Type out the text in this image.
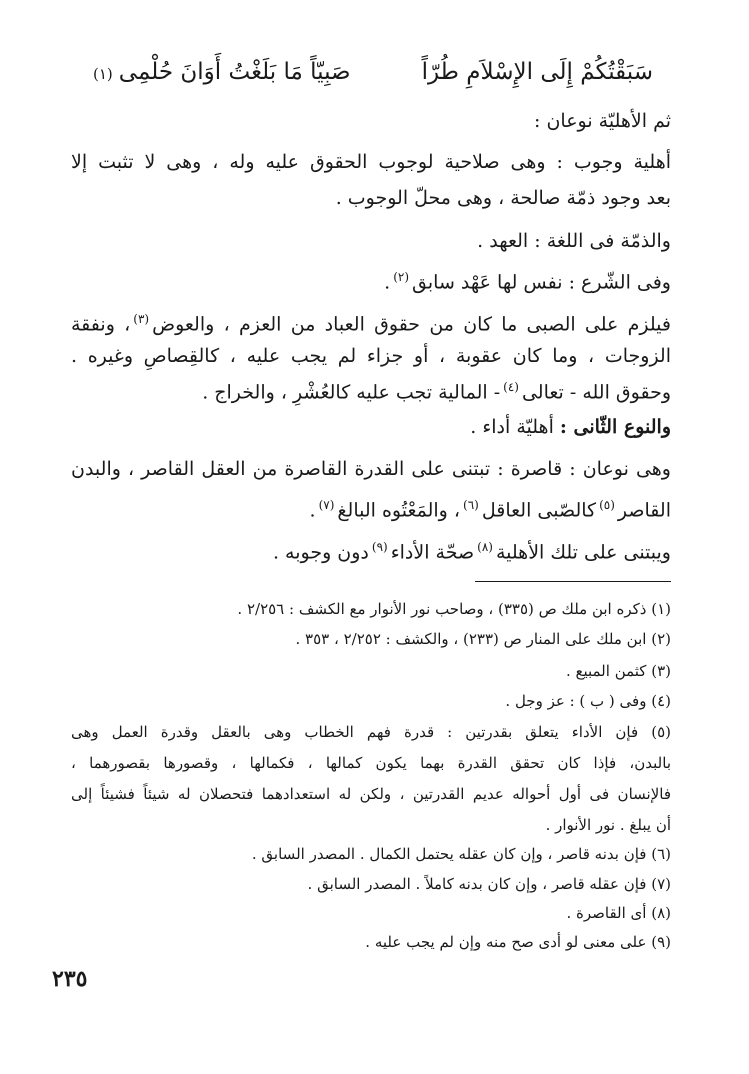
سَبَقْتُكُمْ إِلَى الإِسْلاَمِ طُرّاً
صَبِيّاً مَا بَلَغْتُ أَوَانَ حُلْمِى(١)
ثم الأهليّة نوعان :
أهلية وجوب : وهى صلاحية لوجوب الحقوق عليه وله ، وهى لا تثبت إلا
بعد وجود ذمّة صالحة ، وهى محلّ الوجوب .
والذمّة فى اللغة : العهد .
وفى الشّرع : نفس لها عَهْد سابق$^{(٢)}$.
فيلزم على الصبى ما كان من حقوق العباد من العزم ، والعوض$^{(٣)}$، ونفقة
الزوجات ، وما كان عقوبة ، أو جزاء لم يجب عليه ، كالقِصاصِ وغيره .
وحقوق الله - تعالى$^{(٤)}$- المالية تجب عليه كالعُشْرِ ، والخراج .
والنوع الثّانى : أهليّة أداء .
وهى نوعان : قاصرة : تبتنى على القدرة القاصرة من العقل القاصر ، والبدن
القاصر$^{(٥)}$كالصّبى العاقل$^{(٦)}$، والمَعْتُوه البالغ$^{(٧)}$.
ويبتنى على تلك الأهلية$^{(٨)}$صحّة الأداء$^{(٩)}$دون وجوبه .
(١) ذكره ابن ملك ص (٣٣٥) ، وصاحب نور الأنوار مع الكشف : ٢/٢٥٦ .
(٢) ابن ملك على المنار ص (٢٣٣) ، والكشف : ٢/٢٥٢ ، ٣٥٣ .
(٣) كثمن المبيع .
(٤) وفى ( ب ) : عز وجل .
(٥) فإن الأداء يتعلق بقدرتين : قدرة فهم الخطاب وهى بالعقل وقدرة العمل وهى
بالبدن، فإذا كان تحقق القدرة بهما يكون كمالها ، فكمالها ، وقصورها بقصورهما ،
فالإنسان فى أول أحواله عديم القدرتين ، ولكن له استعدادهما فتحصلان له شيئاً فشيئاً إلى
أن يبلغ . نور الأنوار .
(٦) فإن بدنه قاصر ، وإن كان عقله يحتمل الكمال . المصدر السابق .
(٧) فإن عقله قاصر ، وإن كان بدنه كاملاً . المصدر السابق .
(٨) أى القاصرة .
(٩) على معنى لو أدى صح منه وإن لم يجب عليه .
٢٣٥
